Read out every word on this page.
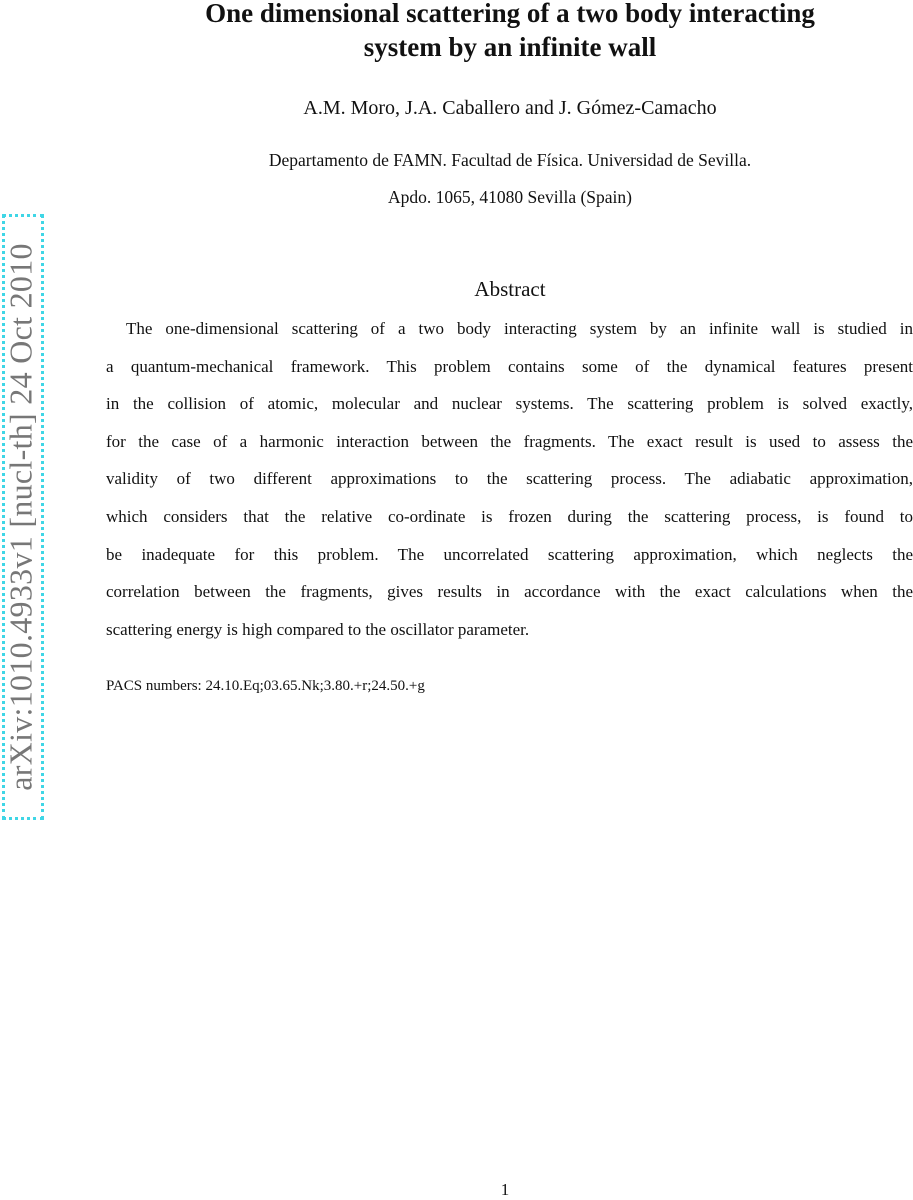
One dimensional scattering of a two body interacting
system by an infinite wall
A.M. Moro, J.A. Caballero and J. Gómez-Camacho
Departamento de FAMN. Facultad de Física. Universidad de Sevilla.
Apdo. 1065, 41080 Sevilla (Spain)
Abstract
The one-dimensional scattering of a two body interacting system by an infinite wall is studied in
a quantum-mechanical framework. This problem contains some of the dynamical features present
in the collision of atomic, molecular and nuclear systems. The scattering problem is solved exactly,
for the case of a harmonic interaction between the fragments. The exact result is used to assess the
validity of two different approximations to the scattering process. The adiabatic approximation,
which considers that the relative co-ordinate is frozen during the scattering process, is found to
be inadequate for this problem. The uncorrelated scattering approximation, which neglects the
correlation between the fragments, gives results in accordance with the exact calculations when the
scattering energy is high compared to the oscillator parameter.
PACS numbers: 24.10.Eq;03.65.Nk;3.80.+r;24.50.+g
arXiv:1010.4933v1 [nucl-th] 24 Oct 2010
1
